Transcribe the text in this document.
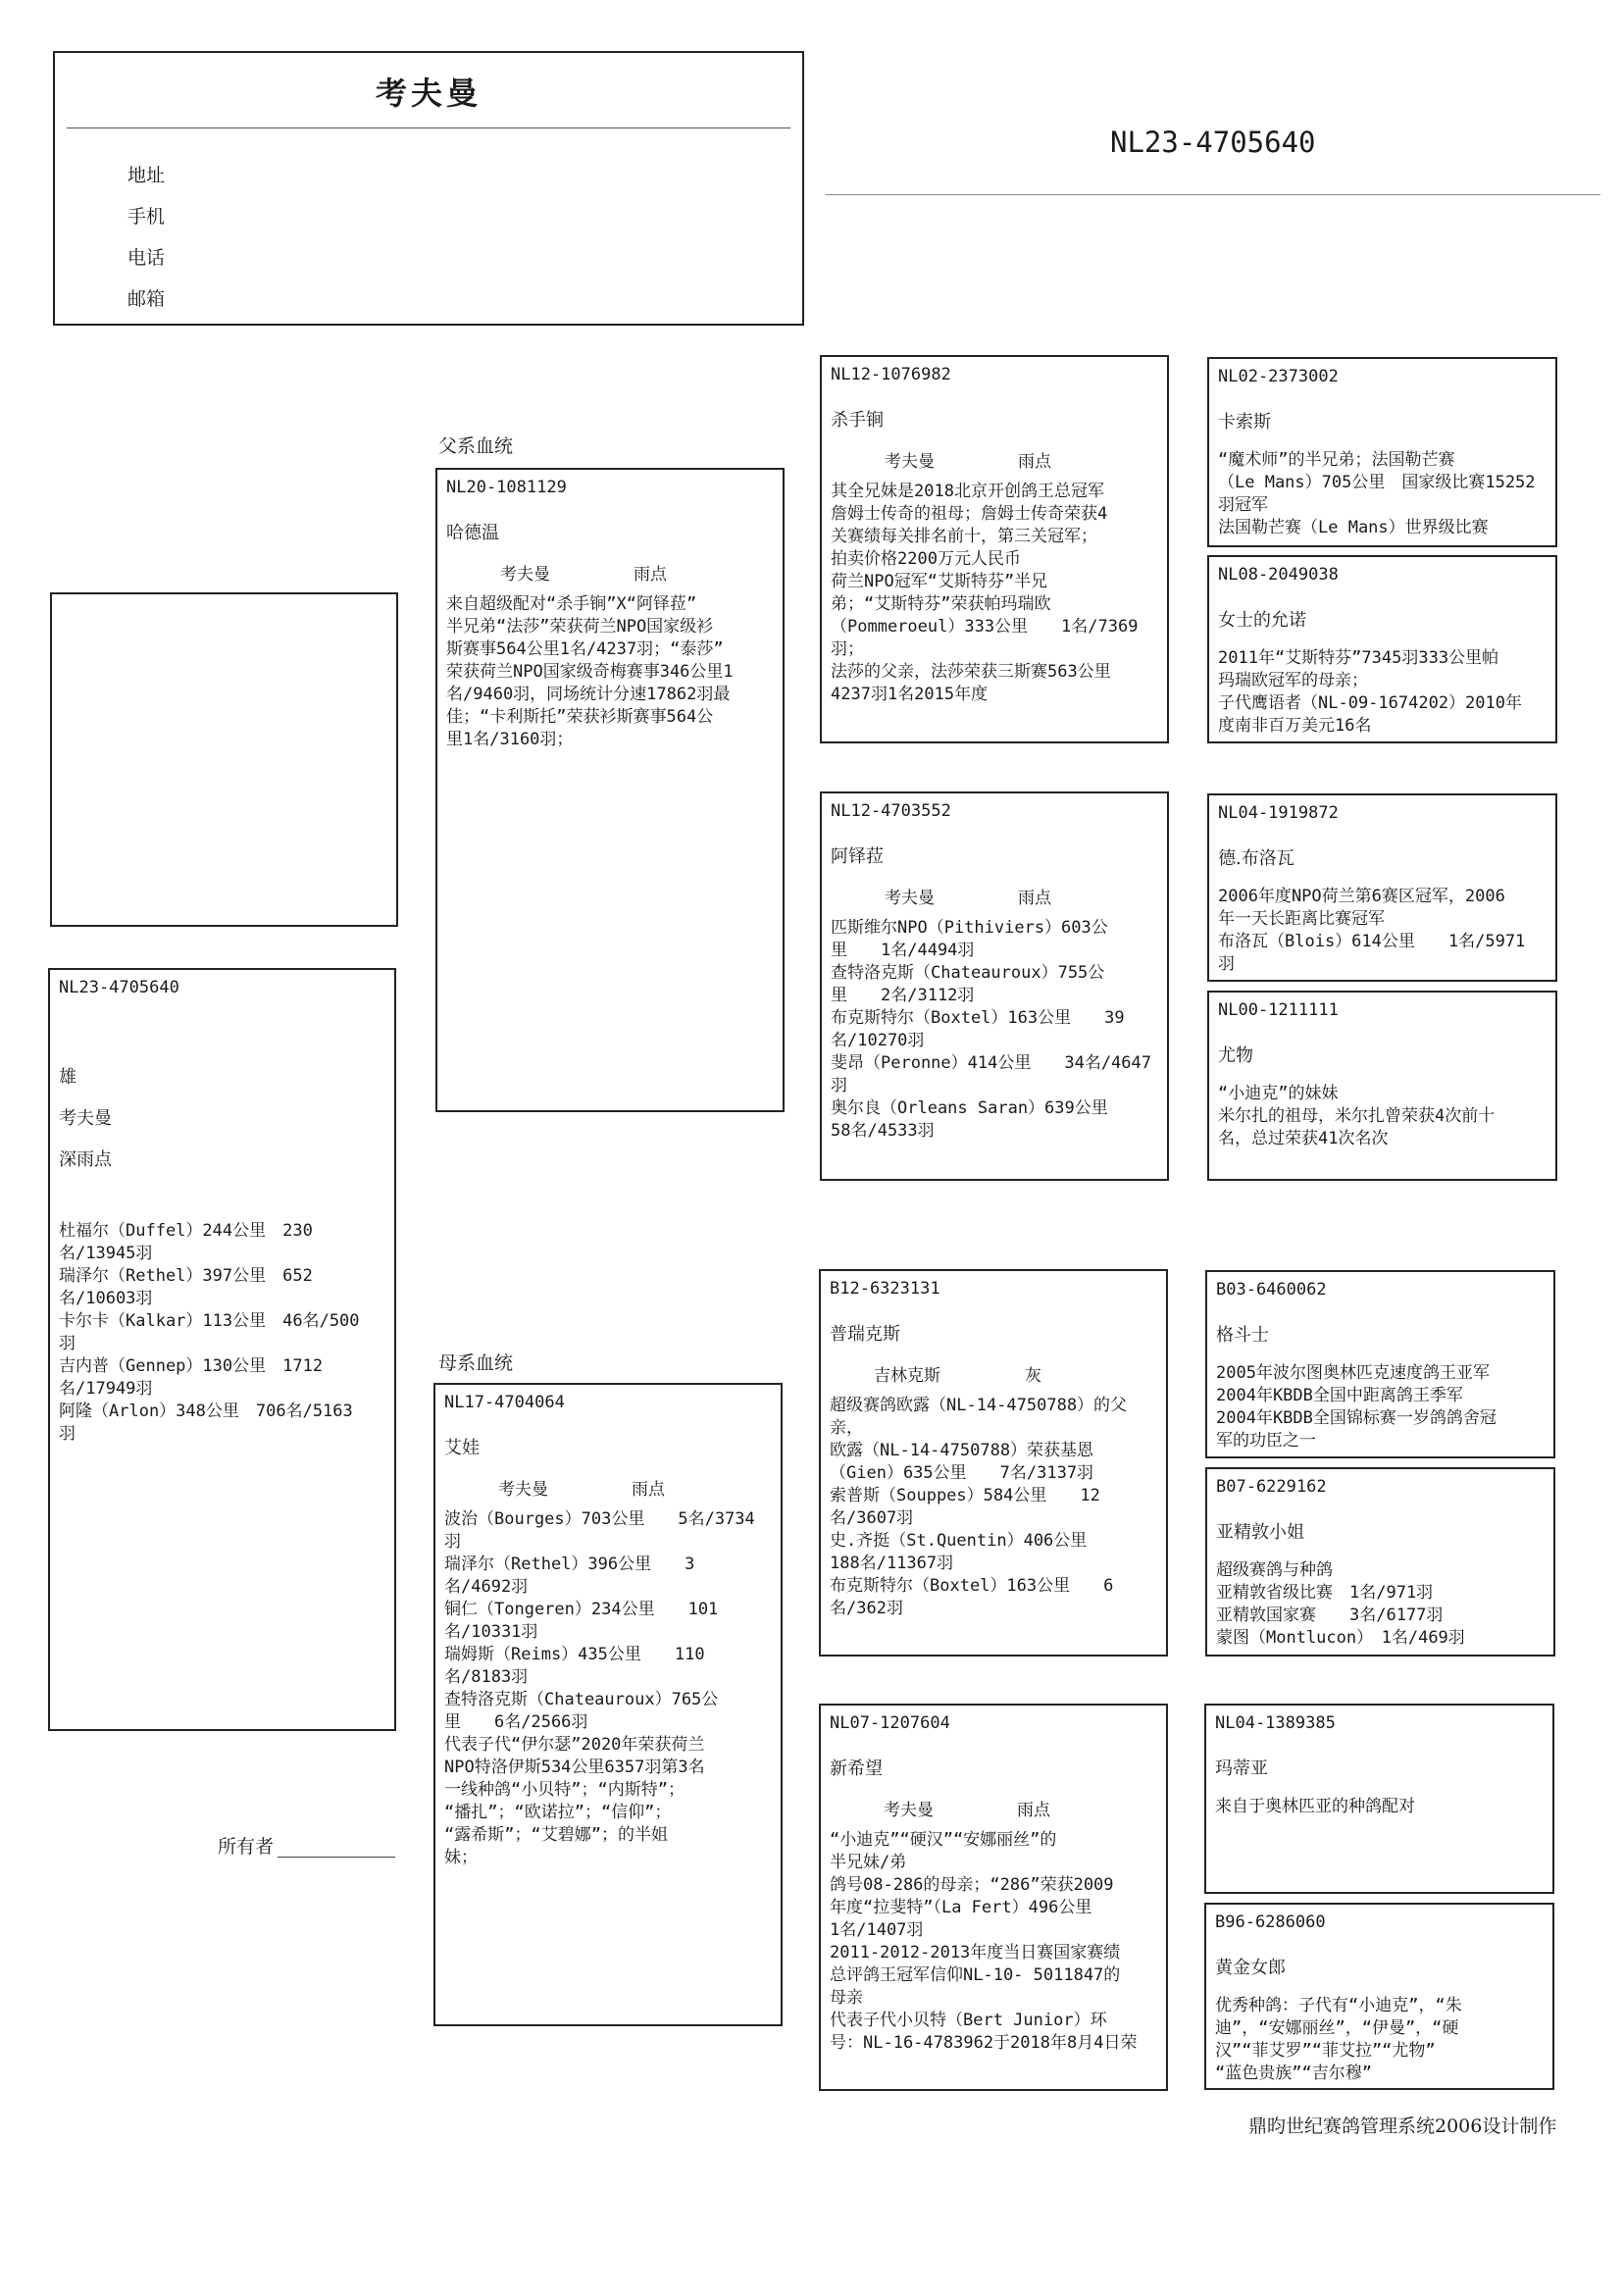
考夫曼
地址
手机
电话
邮箱
NL23-4705640
NL23-4705640
雄
考夫曼
深雨点
杜福尔（Duffel）244公里　230
名/13945羽
瑞泽尔（Rethel）397公里　652
名/10603羽
卡尔卡（Kalkar）113公里　46名/500
羽
吉内普（Gennep）130公里　1712
名/17949羽
阿隆（Arlon）348公里　706名/5163
羽
所有者
父系血统
母系血统
NL20-1081129
哈德温
考夫曼	雨点
来自超级配对“杀手锏”X“阿铎菈”
半兄弟“法莎”荣获荷兰NPO国家级衫
斯赛事564公里1名/4237羽；“泰莎”
荣获荷兰NPO国家级奇梅赛事346公里1
名/9460羽，同场统计分速17862羽最
佳；“卡利斯托”荣获衫斯赛事564公
里1名/3160羽；
NL17-4704064
艾娃
考夫曼	雨点
波治（Bourges）703公里　　5名/3734
羽
瑞泽尔（Rethel）396公里　　3
名/4692羽
铜仁（Tongeren）234公里　　101
名/10331羽
瑞姆斯（Reims）435公里　　110
名/8183羽
查特洛克斯（Chateauroux）765公
里　　6名/2566羽
代表子代“伊尔瑟”2020年荣获荷兰
NPO特洛伊斯534公里6357羽第3名
一线种鸽“小贝特”；“内斯特”；
“播扎”；“欧诺拉”；“信仰”；
“露希斯”；“艾碧娜”；的半姐
妹；
NL12-1076982
杀手锏
考夫曼	雨点
其全兄妹是2018北京开创鸽王总冠军
詹姆士传奇的祖母；詹姆士传奇荣获4
关赛绩每关排名前十，第三关冠军；
拍卖价格2200万元人民币
荷兰NPO冠军“艾斯特芬”半兄
弟；“艾斯特芬”荣获帕玛瑞欧
（Pommeroeul）333公里　　1名/7369
羽；
法莎的父亲，法莎荣获三斯赛563公里
4237羽1名2015年度
NL12-4703552
阿铎菈
考夫曼	雨点
匹斯维尔NPO（Pithiviers）603公
里　　1名/4494羽
查特洛克斯（Chateauroux）755公
里　　2名/3112羽
布克斯特尔（Boxtel）163公里　　39
名/10270羽
斐昂（Peronne）414公里　　34名/4647
羽
奥尔良（Orleans Saran）639公里
58名/4533羽
B12-6323131
普瑞克斯
吉林克斯	灰
超级赛鸽欧露（NL-14-4750788）的父
亲，
欧露（NL-14-4750788）荣获基恩
（Gien）635公里　　7名/3137羽
索普斯（Souppes）584公里　　12
名/3607羽
史.齐挺（St.Quentin）406公里
188名/11367羽
布克斯特尔（Boxtel）163公里　　6
名/362羽
NL07-1207604
新希望
考夫曼	雨点
“小迪克”“硬汉”“安娜丽丝”的
半兄妹/弟
鸽号08-286的母亲；“286”荣获2009
年度“拉斐特”（La Fert）496公里
1名/1407羽
2011-2012-2013年度当日赛国家赛绩
总评鸽王冠军信仰NL-10- 5011847的
母亲
代表子代小贝特（Bert Junior）环
号：NL-16-4783962于2018年8月4日荣
NL02-2373002
卡索斯
“魔术师”的半兄弟；法国勒芒赛
（Le Mans）705公里　国家级比赛15252
羽冠军
法国勒芒赛（Le Mans）世界级比赛
NL08-2049038
女士的允诺
2011年“艾斯特芬”7345羽333公里帕
玛瑞欧冠军的母亲；
子代鹰语者（NL-09-1674202）2010年
度南非百万美元16名
NL04-1919872
德.布洛瓦
2006年度NPO荷兰第6赛区冠军，2006
年一天长距离比赛冠军
布洛瓦（Blois）614公里　　1名/5971
羽
NL00-1211111
尤物
“小迪克”的妹妹
米尔扎的祖母，米尔扎曾荣获4次前十
名，总过荣获41次名次
B03-6460062
格斗士
2005年波尔图奥林匹克速度鸽王亚军
2004年KBDB全国中距离鸽王季军
2004年KBDB全国锦标赛一岁鸽鸽舍冠
军的功臣之一
B07-6229162
亚精敦小姐
超级赛鸽与种鸽
亚精敦省级比赛　1名/971羽
亚精敦国家赛　　3名/6177羽
蒙图（Montlucon）　1名/469羽
NL04-1389385
玛蒂亚
来自于奥林匹亚的种鸽配对
B96-6286060
黄金女郎
优秀种鸽：子代有“小迪克”，“朱
迪”，“安娜丽丝”，“伊曼”，“硬
汉”“菲艾罗”“菲艾拉”“尤物”
“蓝色贵族”“吉尔穆”
鼎昀世纪赛鸽管理系统2006设计制作
